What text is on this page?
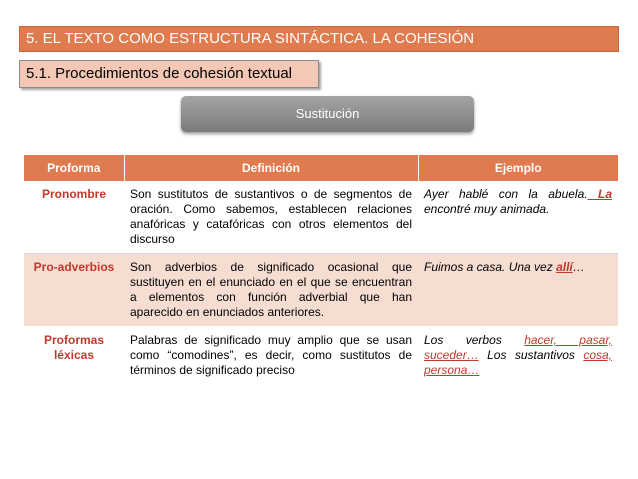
5. EL TEXTO COMO ESTRUCTURA SINTÁCTICA. LA COHESIÓN
5.1. Procedimientos de cohesión textual
Sustitución
Proforma	Definición	Ejemplo
Pronombre	Son sustitutos de sustantivos o de segmentos de oración. Como sabemos, establecen relaciones anafóricas y catafóricas con otros elementos del discurso	Ayer hablé con la abuela. La encontré muy animada.
Pro-adverbios	Son adverbios de significado ocasional que sustituyen en el enunciado en el que se encuentran a elementos con función adverbial que han aparecido en enunciados anteriores.	Fuimos a casa. Una vez allí…
Proformas léxicas	Palabras de significado muy amplio que se usan como “comodines”, es decir, como sustitutos de términos de significado preciso	Los verbos hacer, pasar, suceder… Los sustantivos cosa, persona…
